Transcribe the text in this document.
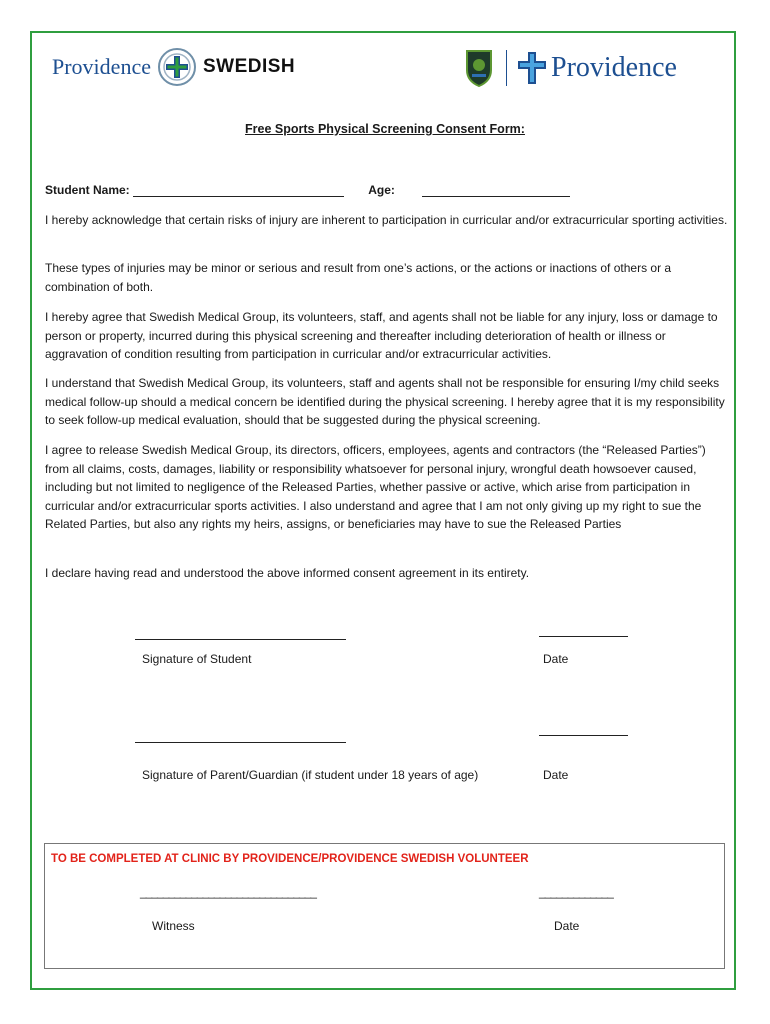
Providence	SWEDISH	Providence
Free Sports Physical Screening Consent Form:
Student Name:	Age:

I hereby acknowledge that certain risks of injury are inherent to participation in curricular and/or extracurricular sporting activities.

These types of injuries may be minor or serious and result from one’s actions, or the actions or inactions of others or a combination of both.

I hereby agree that Swedish Medical Group, its volunteers, staff, and agents shall not be liable for any injury, loss or damage to person or property, incurred during this physical screening and thereafter including deterioration of health or illness or aggravation of condition resulting from participation in curricular and/or extracurricular activities.

I understand that Swedish Medical Group, its volunteers, staff and agents shall not be responsible for ensuring I/my child seeks medical follow-up should a medical concern be identified during the physical screening. I hereby agree that it is my responsibility to seek follow-up medical evaluation, should that be suggested during the physical screening.

I agree to release Swedish Medical Group, its directors, officers, employees, agents and contractors (the “Released Parties”) from all claims, costs, damages, liability or responsibility whatsoever for personal injury, wrongful death howsoever caused, including but not limited to negligence of the Released Parties, whether passive or active, which arise from participation in curricular and/or extracurricular sports activities. I also understand and agree that I am not only giving up my right to sue the Related Parties, but also any rights my heirs, assigns, or beneficiaries may have to sue the Released Parties

I declare having read and understood the above informed consent agreement in its entirety.

Signature of Student	Date
Signature of Parent/Guardian (if student under 18 years of age)	Date
TO BE COMPLETED AT CLINIC BY PROVIDENCE/PROVIDENCE SWEDISH VOLUNTEER
_______________________________	_____________
Witness	Date
